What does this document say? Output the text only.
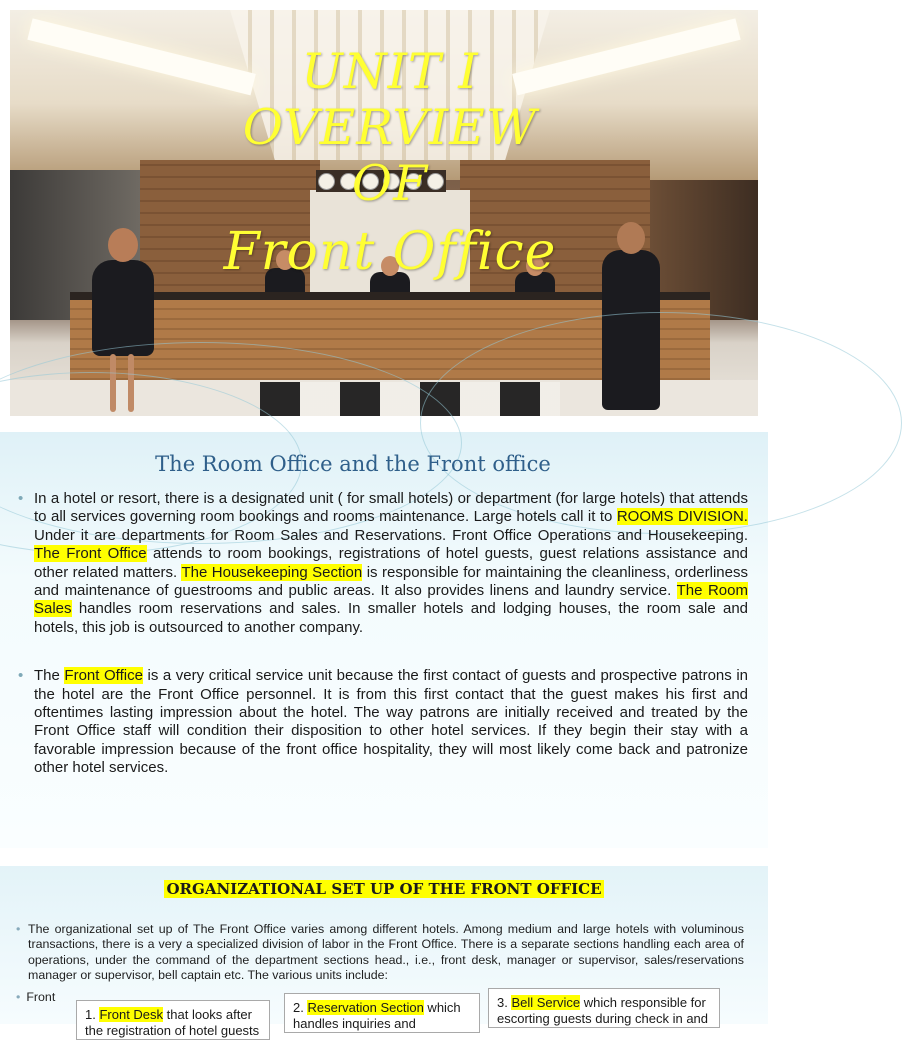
UNIT I
OVERVIEW
OF
Front Office
The Room Office and the Front office

• In a hotel or resort, there is a designated unit ( for small hotels) or department (for large hotels) that attends to all services governing room bookings and rooms maintenance. Large hotels call it to ROOMS DIVISION. Under it are departments for Room Sales and Reservations. Front Office Operations and Housekeeping. The Front Office attends to room bookings, registrations of hotel guests, guest relations assistance and other related matters. The Housekeeping Section is responsible for maintaining the cleanliness, orderliness and maintenance of guestrooms and public areas. It also provides linens and laundry service. The Room Sales handles room reservations and sales. In smaller hotels and lodging houses, the room sale and hotels, this job is outsourced to another company.

• The Front Office is a very critical service unit because the first contact of guests and prospective patrons in the hotel are the Front Office personnel. It is from this first contact that the guest makes his first and oftentimes lasting impression about the hotel. The way patrons are initially received and treated by the Front Office staff will condition their disposition to other hotel services. If they begin their stay with a favorable impression because of the front office hospitality, they will most likely come back and patronize other hotel services.

ORGANIZATIONAL SET UP OF THE FRONT OFFICE
• The organizational set up of The Front Office varies among different hotels. Among medium and large hotels with voluminous transactions, there is a very a specialized division of labor in the Front Office. There is a separate sections handling each area of operations, under the command of the department sections head., i.e., front desk, manager or supervisor, sales/reservations manager or supervisor, bell captain etc. The various units include:
• Front
1. Front Desk that looks after the registration of hotel guests
2. Reservation Section which handles inquiries and
3. Bell Service which responsible for escorting guests during check in and
